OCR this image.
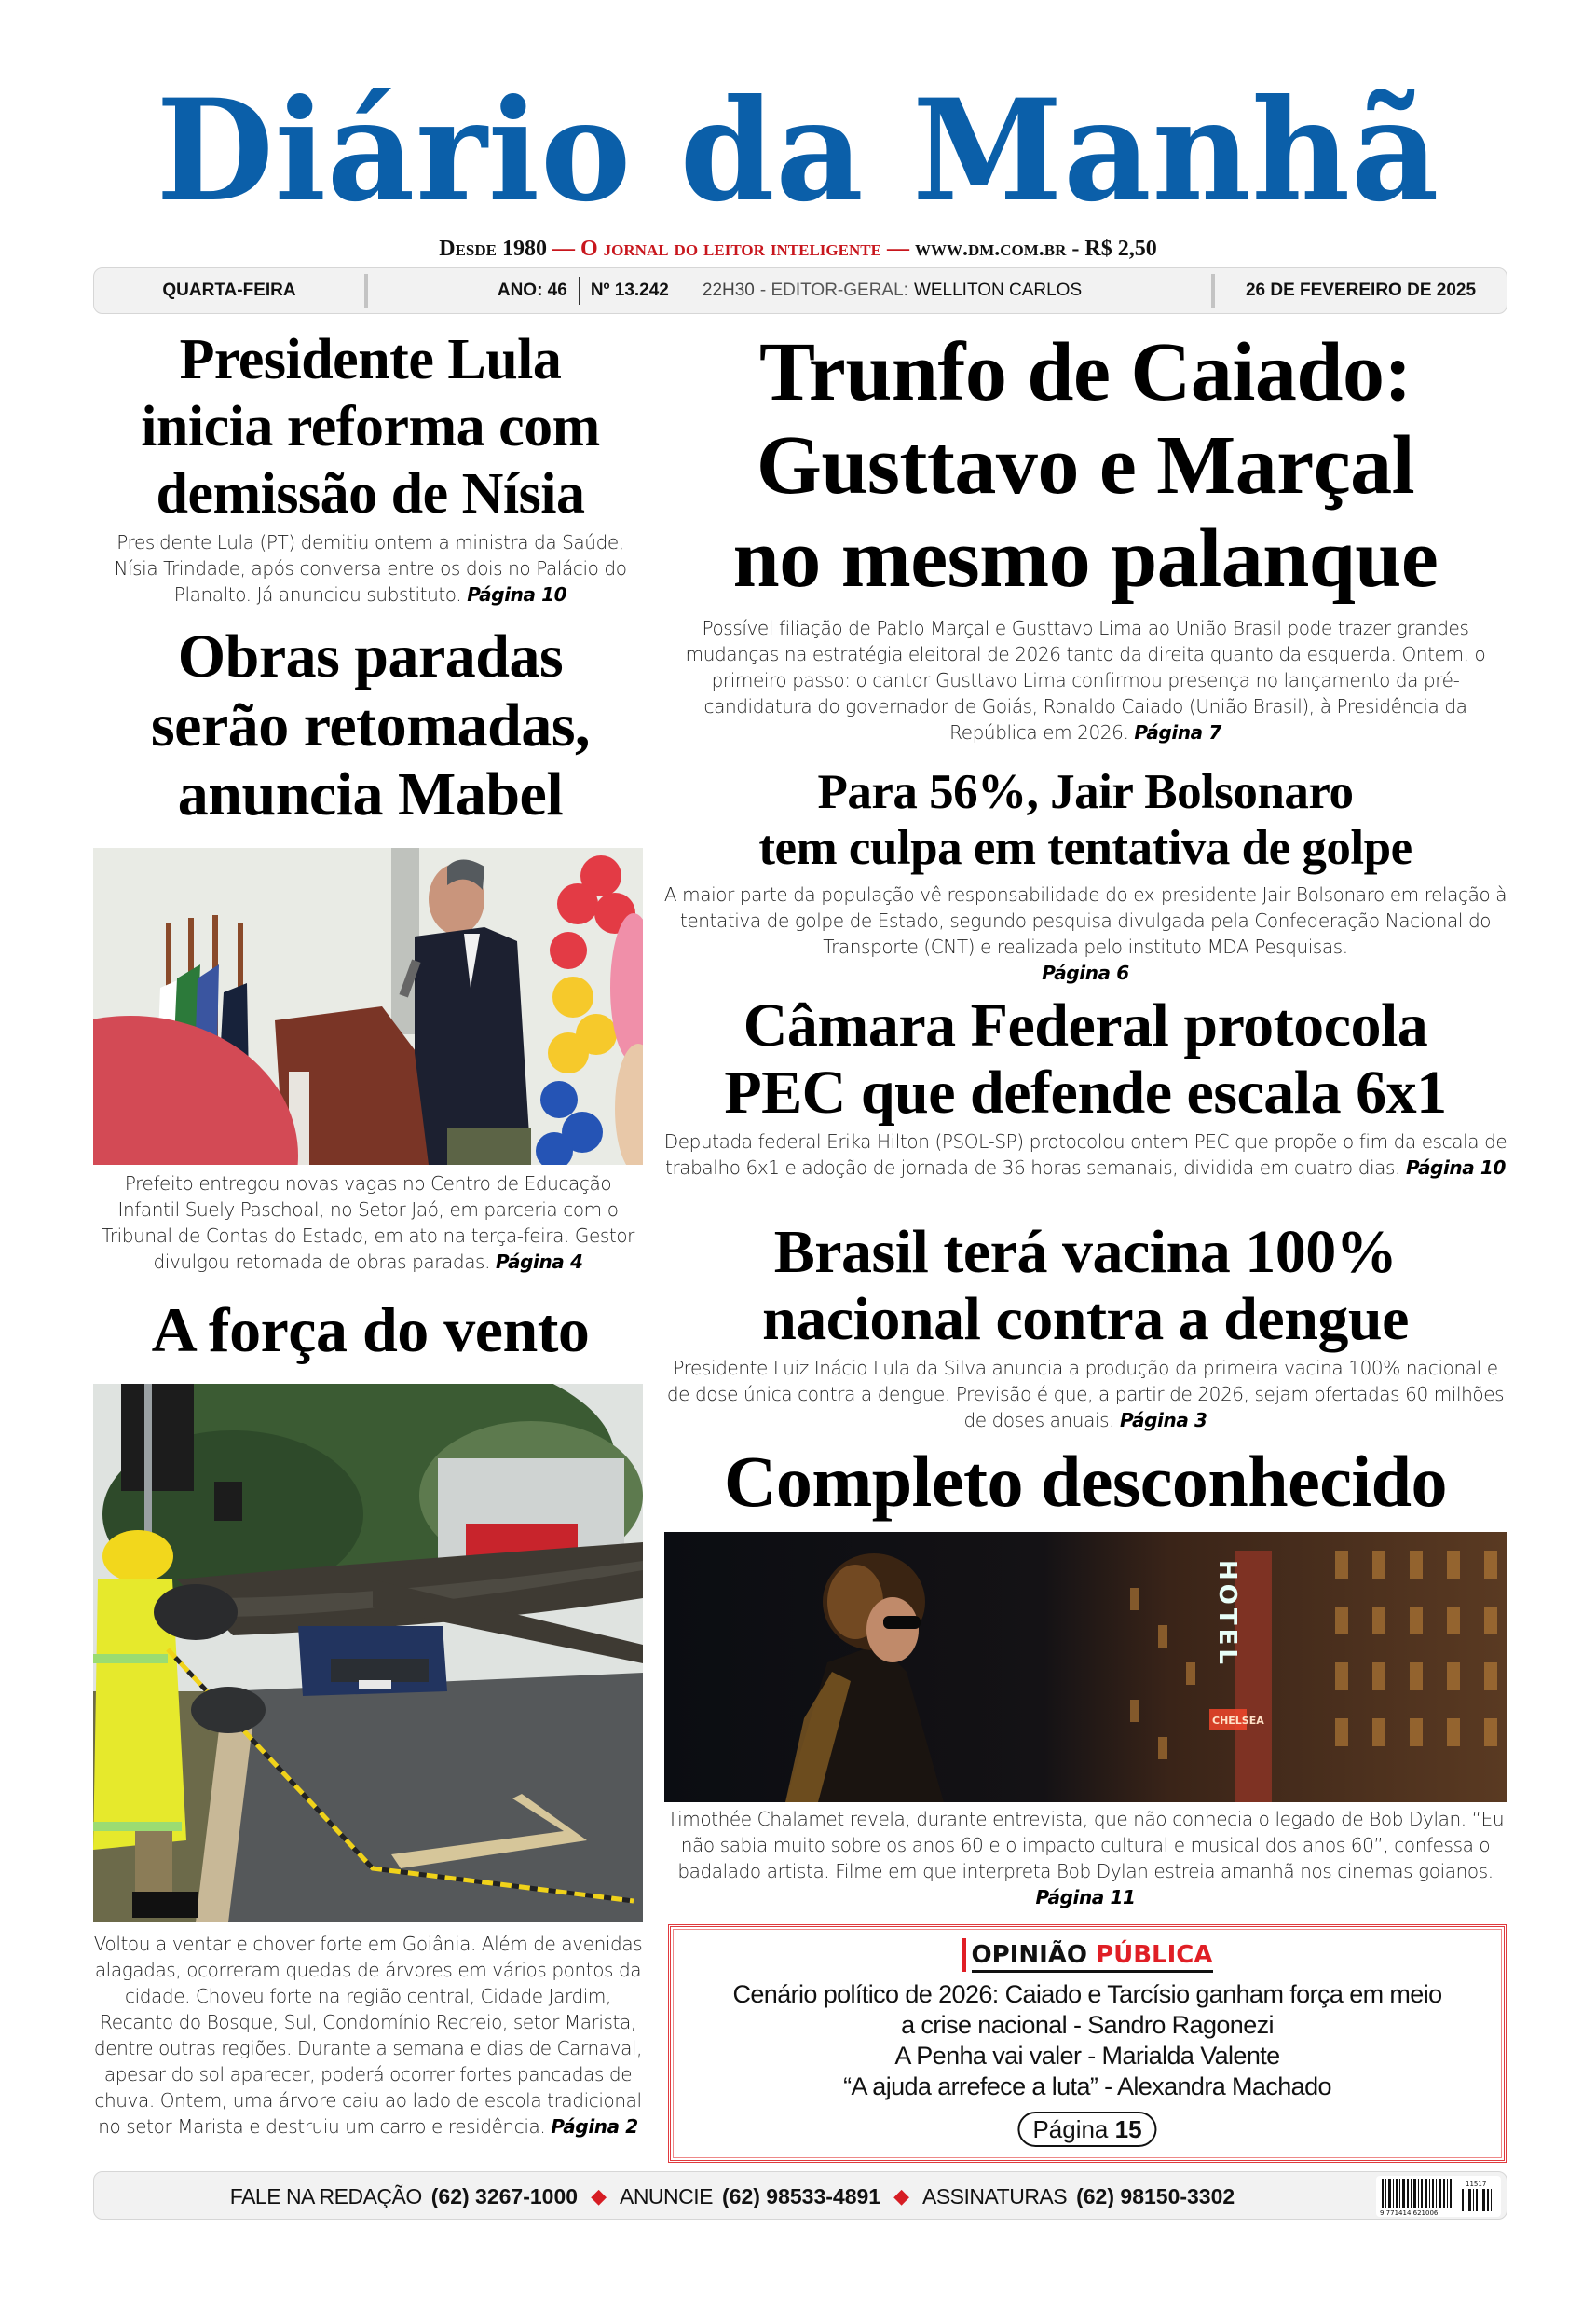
Diário da Manhã
Desde 1980 — O jornal do leitor inteligente — www.dm.com.br - R$ 2,50
QUARTA-FEIRA	ANO: 46 Nº 13.242 22H30 - EDITOR-GERAL: WELLITON CARLOS	26 DE FEVEREIRO DE 2025
Presidente Lula
inicia reforma com
demissão de Nísia
Presidente Lula (PT) demitiu ontem a ministra da Saúde, Nísia Trindade, após conversa entre os dois no Palácio do Planalto. Já anunciou substituto. Página 10
Obras paradas
serão retomadas,
anuncia Mabel
Prefeito entregou novas vagas no Centro de Educação Infantil Suely Paschoal, no Setor Jaó, em parceria com o Tribunal de Contas do Estado, em ato na terça-feira. Gestor divulgou retomada de obras paradas. Página 4
A força do vento
Voltou a ventar e chover forte em Goiânia. Além de avenidas alagadas, ocorreram quedas de árvores em vários pontos da cidade. Choveu forte na região central, Cidade Jardim, Recanto do Bosque, Sul, Condomínio Recreio, setor Marista, dentre outras regiões. Durante a semana e dias de Carnaval, apesar do sol aparecer, poderá ocorrer fortes pancadas de chuva. Ontem, uma árvore caiu ao lado de escola tradicional no setor Marista e destruiu um carro e residência. Página 2
Trunfo de Caiado:
Gusttavo e Marçal
no mesmo palanque
Possível filiação de Pablo Marçal e Gusttavo Lima ao União Brasil pode trazer grandes mudanças na estratégia eleitoral de 2026 tanto da direita quanto da esquerda. Ontem, o primeiro passo: o cantor Gusttavo Lima confirmou presença no lançamento da pré-candidatura do governador de Goiás, Ronaldo Caiado (União Brasil), à Presidência da República em 2026. Página 7
Para 56%, Jair Bolsonaro
tem culpa em tentativa de golpe
A maior parte da população vê responsabilidade do ex-presidente Jair Bolsonaro em relação à tentativa de golpe de Estado, segundo pesquisa divulgada pela Confederação Nacional do Transporte (CNT) e realizada pelo instituto MDA Pesquisas.
Página 6
Câmara Federal protocola
PEC que defende escala 6x1
Deputada federal Erika Hilton (PSOL-SP) protocolou ontem PEC que propõe o fim da escala de trabalho 6x1 e adoção de jornada de 36 horas semanais, dividida em quatro dias. Página 10
Brasil terá vacina 100%
nacional contra a dengue
Presidente Luiz Inácio Lula da Silva anuncia a produção da primeira vacina 100% nacional e de dose única contra a dengue. Previsão é que, a partir de 2026, sejam ofertadas 60 milhões de doses anuais. Página 3
Completo desconhecido
HOTEL
CHELSEA
Timothée Chalamet revela, durante entrevista, que não conhecia o legado de Bob Dylan. “Eu não sabia muito sobre os anos 60 e o impacto cultural e musical dos anos 60”, confessa o badalado artista. Filme em que interpreta Bob Dylan estreia amanhã nos cinemas goianos. Página 11
OPINIÃO PÚBLICA
Cenário político de 2026: Caiado e Tarcísio ganham força em meio
a crise nacional - Sandro Ragonezi
A Penha vai valer - Marialda Valente
“A ajuda arrefece a luta” - Alexandra Machado
Página 15
FALE NA REDAÇÃO (62) 3267-1000 ◆ ANUNCIE (62) 98533-4891 ◆ ASSINATURAS (62) 98150-3302
9 771414 621006
11517
